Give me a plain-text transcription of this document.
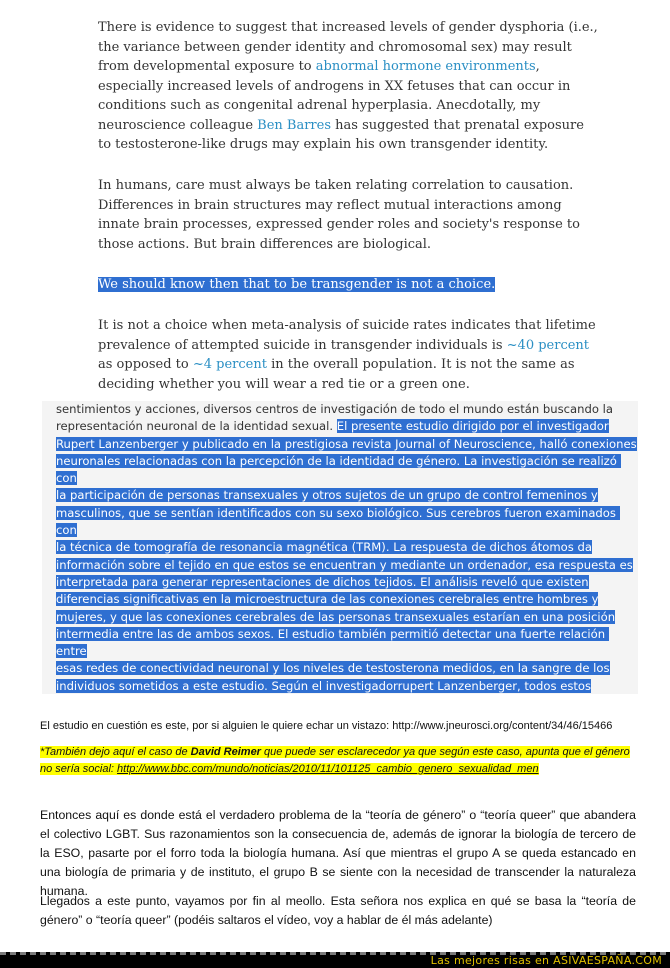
There is evidence to suggest that increased levels of gender dysphoria (i.e., the variance between gender identity and chromosomal sex) may result from developmental exposure to abnormal hormone environments, especially increased levels of androgens in XX fetuses that can occur in conditions such as congenital adrenal hyperplasia. Anecdotally, my neuroscience colleague Ben Barres has suggested that prenatal exposure to testosterone-like drugs may explain his own transgender identity.

In humans, care must always be taken relating correlation to causation. Differences in brain structures may reflect mutual interactions among innate brain processes, expressed gender roles and society's response to those actions. But brain differences are biological.

We should know then that to be transgender is not a choice.

It is not a choice when meta-analysis of suicide rates indicates that lifetime prevalence of attempted suicide in transgender individuals is ~40 percent as opposed to ~4 percent in the overall population. It is not the same as deciding whether you will wear a red tie or a green one.

sentimientos y acciones, diversos centros de investigación de todo el mundo están buscando la
representación neuronal de la identidad sexual. El presente estudio dirigido por el investigador
Rupert Lanzenberger y publicado en la prestigiosa revista Journal of Neuroscience, halló conexiones
neuronales relacionadas con la percepción de la identidad de género. La investigación se realizó con
la participación de personas transexuales y otros sujetos de un grupo de control femeninos y
masculinos, que se sentían identificados con su sexo biológico. Sus cerebros fueron examinados con
la técnica de tomografía de resonancia magnética (TRM). La respuesta de dichos átomos da
información sobre el tejido en que estos se encuentran y mediante un ordenador, esa respuesta es
interpretada para generar representaciones de dichos tejidos. El análisis reveló que existen
diferencias significativas en la microestructura de las conexiones cerebrales entre hombres y
mujeres, y que las conexiones cerebrales de las personas transexuales estarían en una posición
intermedia entre las de ambos sexos. El estudio también permitió detectar una fuerte relación entre
esas redes de conectividad neuronal y los niveles de testosterona medidos, en la sangre de los
individuos sometidos a este estudio. Según el investigadorrupert Lanzenberger, todos estos

El estudio en cuestión es este, por si alguien le quiere echar un vistazo: http://www.jneurosci.org/content/34/46/15466

*También dejo aquí el caso de David Reimer que puede ser esclarecedor ya que según este caso, apunta que el género no sería social: http://www.bbc.com/mundo/noticias/2010/11/101125_cambio_genero_sexualidad_men

Entonces aquí es donde está el verdadero problema de la “teoría de género” o “teoría queer” que abandera el colectivo LGBT. Sus razonamientos son la consecuencia de, además de ignorar la biología de tercero de la ESO, pasarte por el forro toda la biología humana. Así que mientras el grupo A se queda estancado en una biología de primaria y de instituto, el grupo B se siente con la necesidad de transcender la naturaleza humana.

Llegados a este punto, vayamos por fin al meollo. Esta señora nos explica en qué se basa la “teoría de género” o “teoría queer” (podéis saltaros el vídeo, voy a hablar de él más adelante)

Las mejores risas en ASIVAESPAÑA.COM
